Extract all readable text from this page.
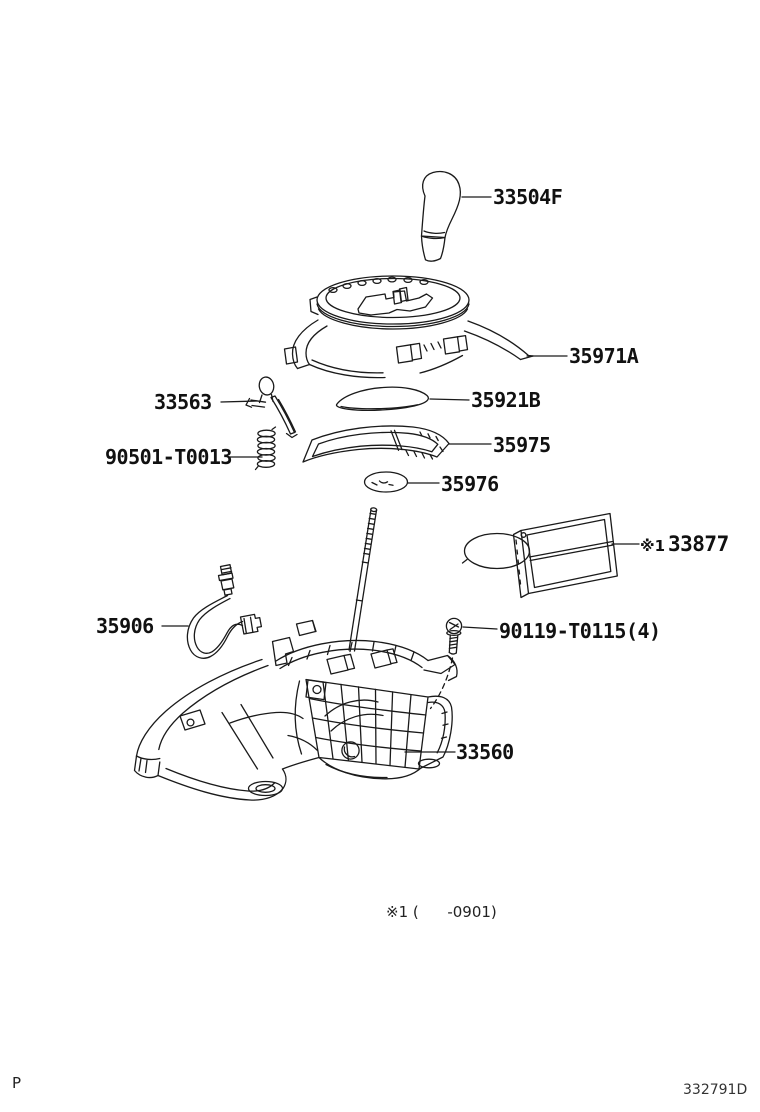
33504F
35971A
33563
90501-T0013
35921B
35975
35976
※1 33877
35906	90119-T0115(4)
33560
※1 (      -0901)
P	332791D
